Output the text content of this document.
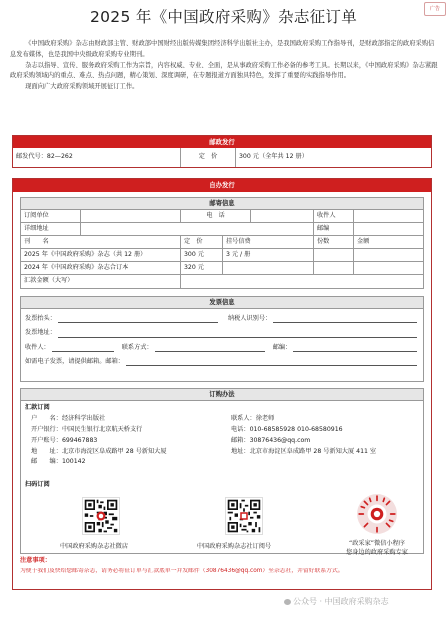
2025 年《中国政府采购》杂志征订单	广告

《中国政府采购》杂志由财政部主管、财政部中国财经出版传媒集团经济科学出版社主办，是我国政府采购工作指导刊，是财政部指定的政府采购信息发布媒体，也是我国中央级政府采购专业期刊。

杂志以指导、宣传、服务政府采购工作为宗旨，内容权威、专业、全面，是从事政府采购工作必备的参考工具。长期以来，《中国政府采购》杂志紧跟政府采购领域内的重点、难点、热点问题，精心策划、深度调研，在专题报道方面独具特色，发挥了重要的实践指导作用。

现面向广大政府采购领域开展征订工作。

邮政发行
邮发代号：82—262	定　价	300 元（全年共 12 册）
自办发行
邮寄信息
订阅单位	电　话	收件人
详细地址	邮编
刊　　名	定　价	挂号信费	份数	金额
2025 年《中国政府采购》杂志（共 12 册）	300 元	3 元 / 册
2024 年《中国政府采购》杂志合订本	320 元
汇款金额（大写）
发票信息
发票抬头：	纳税人识别号：
发票地址：
收件人：	联系方式：	邮编：
如需电子发票，请提供邮箱。邮箱：
订购办法
汇款订阅
户　　名：经济科学出版社
开户银行：中国民生银行北京航天桥支行
开户账号：699467883
地　　址：北京市海淀区阜成路甲 28 号新知大厦
邮　　编：100142
联系人：徐老师
电话：010-68585928 010-68580916
邮箱：30876436@qq.com
地址：北京市海淀区阜成路甲 28 号新知大厦 411 室
扫码订阅
中国政府采购杂志社微店	中国政府采购杂志社订阅号	“政采家”微信小程序
您身边的政府采购专家
注意事项：
为便于我们及快给您邮寄杂志，请务必将征订单与汇款底单一并发邮件（30876436@qq.com）至杂志社，并留好联系方式。
公众号 · 中国政府采购杂志
